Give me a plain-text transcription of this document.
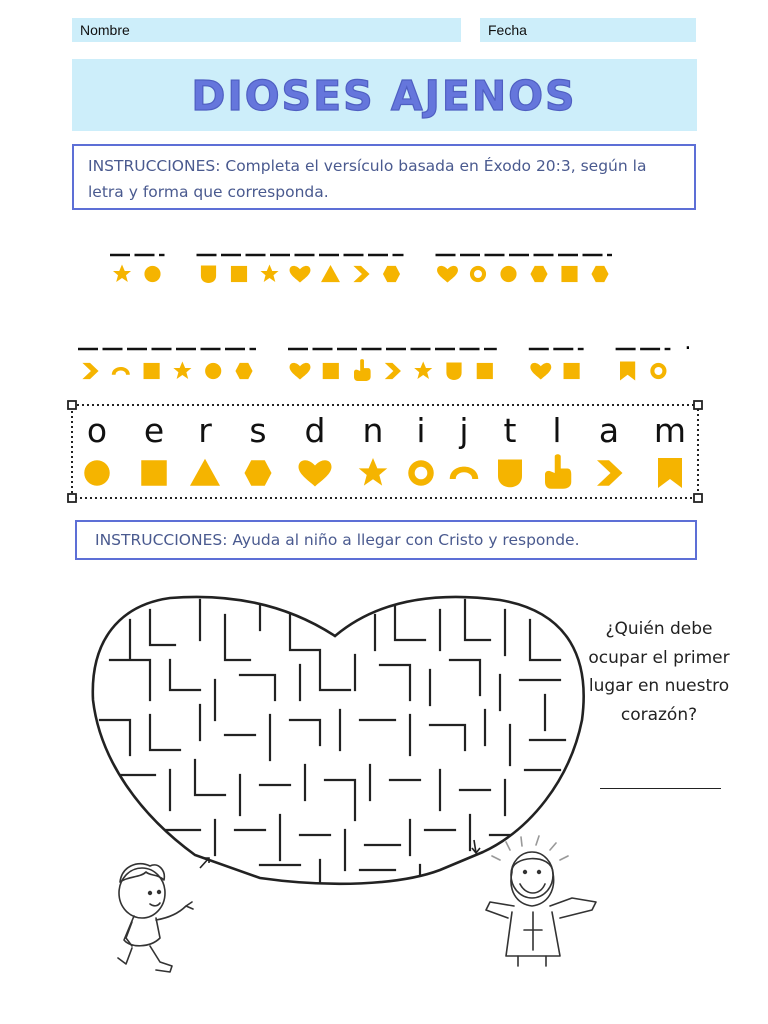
Nombre	Fecha
DIOSES AJENOS
INSTRUCCIONES: Completa el versículo basada en Éxodo 20:3, según la letra y forma que corresponda.
.
o e r s d n i j t l a m
INSTRUCCIONES: Ayuda al niño a llegar con Cristo y responde.
¿Quién debe ocupar el primer lugar en nuestro corazón?
